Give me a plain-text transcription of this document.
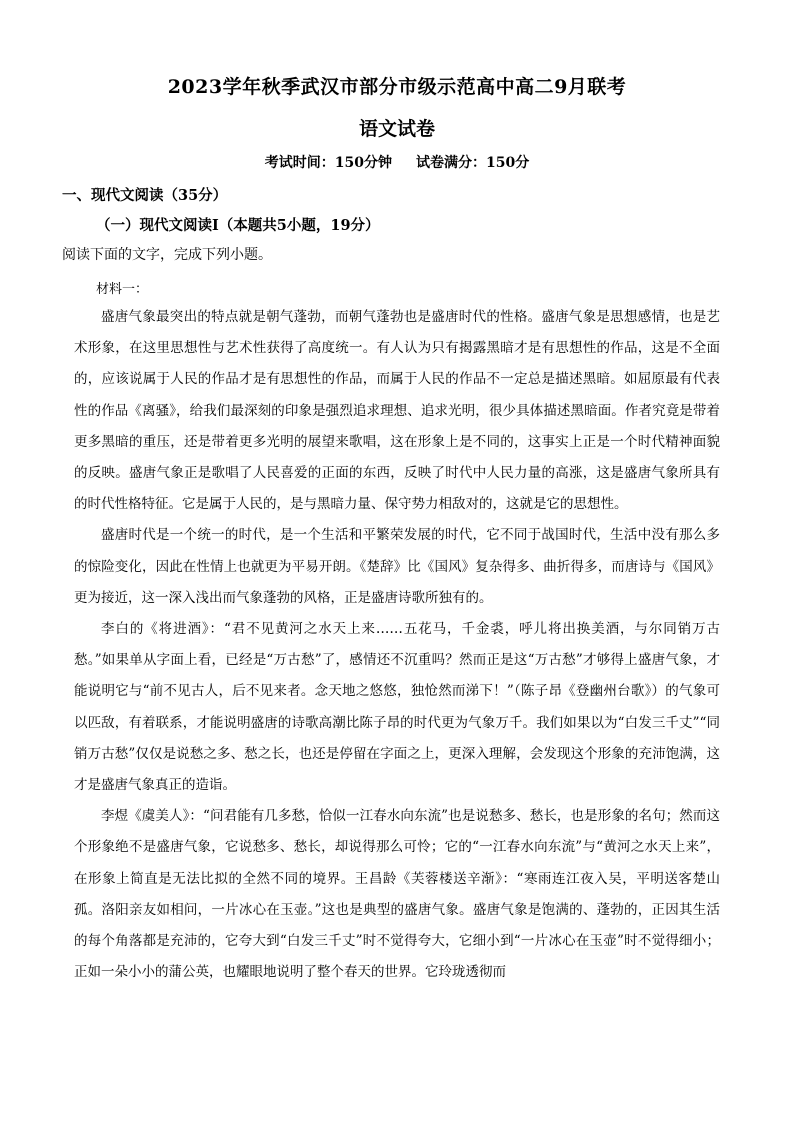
2023学年秋季武汉市部分市级示范高中高二9月联考
语文试卷
考试时间：150分钟 试卷满分：150分
一、现代文阅读（35分）
（一）现代文阅读Ⅰ（本题共5小题，19分）
阅读下面的文字，完成下列小题。
材料一：

盛唐气象最突出的特点就是朝气蓬勃，而朝气蓬勃也是盛唐时代的性格。盛唐气象是思想感情，也是艺术形象，在这里思想性与艺术性获得了高度统一。有人认为只有揭露黑暗才是有思想性的作品，这是不全面的，应该说属于人民的作品才是有思想性的作品，而属于人民的作品不一定总是描述黑暗。如屈原最有代表性的作品《离骚》，给我们最深刻的印象是强烈追求理想、追求光明，很少具体描述黑暗面。作者究竟是带着更多黑暗的重压，还是带着更多光明的展望来歌唱，这在形象上是不同的，这事实上正是一个时代精神面貌的反映。盛唐气象正是歌唱了人民喜爱的正面的东西，反映了时代中人民力量的高涨，这是盛唐气象所具有的时代性格特征。它是属于人民的，是与黑暗力量、保守势力相敌对的，这就是它的思想性。

盛唐时代是一个统一的时代，是一个生活和平繁荣发展的时代，它不同于战国时代，生活中没有那么多的惊险变化，因此在性情上也就更为平易开朗。《楚辞》比《国风》复杂得多、曲折得多，而唐诗与《国风》更为接近，这一深入浅出而气象蓬勃的风格，正是盛唐诗歌所独有的。

李白的《将进酒》：“君不见黄河之水天上来……五花马，千金裘，呼儿将出换美酒，与尔同销万古愁。”如果单从字面上看，已经是“万古愁”了，感情还不沉重吗？然而正是这“万古愁”才够得上盛唐气象，才能说明它与“前不见古人，后不见来者。念天地之悠悠，独怆然而涕下！”（陈子昂《登幽州台歌》）的气象可以匹敌，有着联系，才能说明盛唐的诗歌高潮比陈子昂的时代更为气象万千。我们如果以为“白发三千丈”“同销万古愁”仅仅是说愁之多、愁之长，也还是停留在字面之上，更深入理解，会发现这个形象的充沛饱满，这才是盛唐气象真正的造诣。

李煜《虞美人》：“问君能有几多愁，恰似一江春水向东流”也是说愁多、愁长，也是形象的名句；然而这个形象绝不是盛唐气象，它说愁多、愁长，却说得那么可怜；它的“一江春水向东流”与“黄河之水天上来”，在形象上简直是无法比拟的全然不同的境界。王昌龄《芙蓉楼送辛渐》：“寒雨连江夜入吴，平明送客楚山孤。洛阳亲友如相问，一片冰心在玉壶。”这也是典型的盛唐气象。盛唐气象是饱满的、蓬勃的，正因其生活的每个角落都是充沛的，它夸大到“白发三千丈”时不觉得夸大，它细小到“一片冰心在玉壶”时不觉得细小；正如一朵小小的蒲公英，也耀眼地说明了整个春天的世界。它玲珑透彻而
